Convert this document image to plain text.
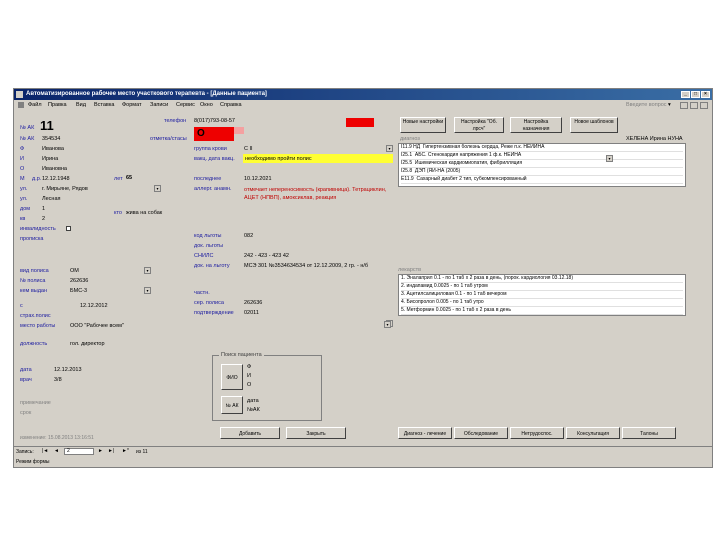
Автоматизированное рабочее место участкового терапевта - [Данные пациента]	_	□	×
Файл Правка Вид Вставка Формат Записи Сервис Окно Справка	Введите вопрос ▾
№ АК 11
№ АК 354534
Ф	Иванова
И	Ирина
О	Ивановна
М д.р. 12.12.1948	лет 65
ул.	г. Мирьяне, Рядов	▾
ул.	Лесная
дом 1
кв	2
кто жива на собак
инвалидность
прописка
вид полиса	ОМ	▾
№ полиса	262636
кем выдан	БМС-3	▾
с	12.12.2012
страх.полис
место работы	ООО "Рабочее всем"
должность	гол. директор
дата	12.12.2013
врач	3/8
примечание
срок
телефон 8(017)793-08-57
отметка/стасы	О
группа крови	С II	▾
вакц. дата вакц. необходимо пройти полис
последнее	10.12.2021
аллерг. анамн. отмечает непереносимость (крапивница). Тетрациклин, АЦЕТ (НПВП), амоксиклав, реакция
код льготы	082
док. льготы
СНИЛС	242 - 423 - 423 42
док. на льготу	МСЭ 301 №3534634534 от 12.12.2009, 2 гр. - н/б
частн.
сер. полиса	262636
подтверждение 02011
Поиск пациента
ФИО
Ф
И
О
№ АК
дата
№АК
Новые настройки	Настройка "Об. лрсч"
Настройка назначения
Новое шаблонов
диагноз	ХЕЛЕНА Ирина НУНА
I11.9 НД Гипертензивная болезнь сердца, Реже п.к. НЕЙИНА
I25.1 АБС. Стенокардия напряжения 1 ф.к. НЕЙНА
I25.5 Ишемическая кардиомиопатия, фибрилляция
I25.8 ДЭП (ЯИ-НА (2005)
E11.9 Сахарный диабет 2 тип, субкомпенсированный
▾
лекарств
1. Эналаприл 0.1 - по 1 таб х 2 раза в день, (порок. кардиология 03.12.18)
2. индапамид 0.0025 - по 1 таб утром
3. Ацетилсалициловая 0.1 - по 1 таб вечером
4. Бисопролол 0.005 - по 1 таб утро
5. Метформин 0.0025 - по 1 таб х 2 раза в день
▾
изменение: 15.08.2013 13:16:51
Добавить	Закрыть	Диагноз - лечение	Обследование	Нетрудоспос.	Консультация	Талоны
Запись: |◄ ◄	2	► ►| ►* из 11
Режим формы
